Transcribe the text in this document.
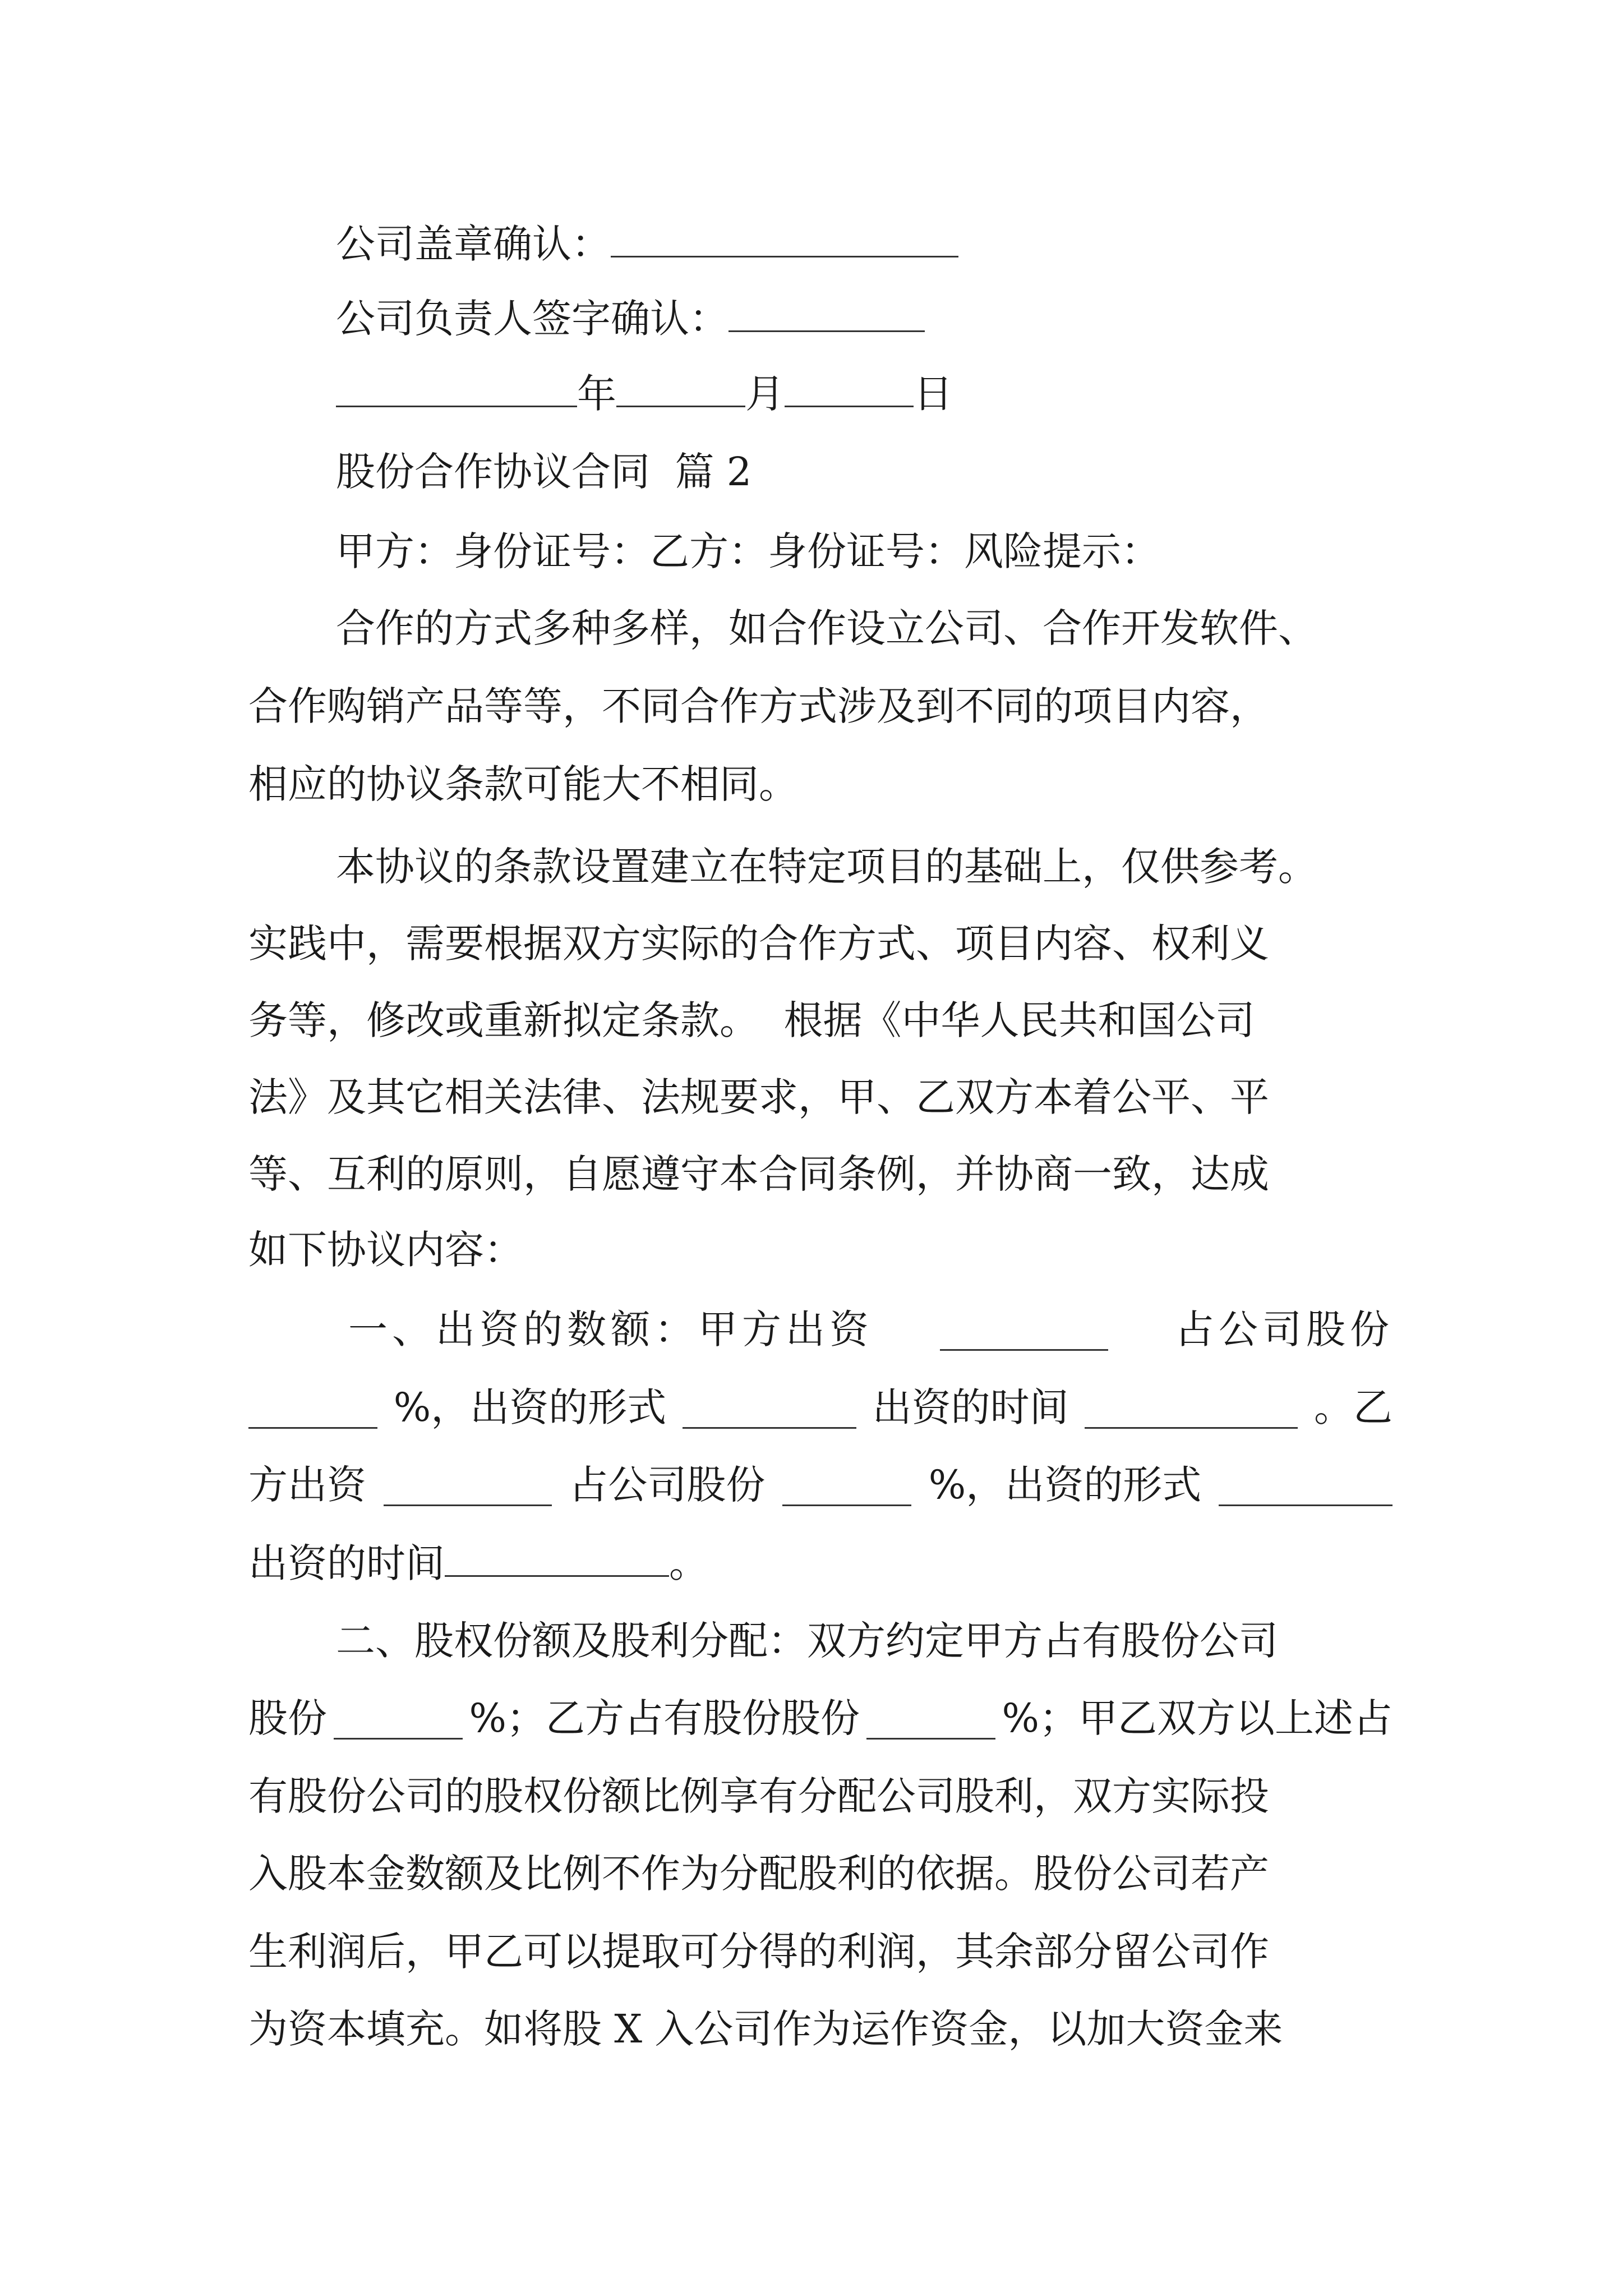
公司盖章确认：

公司负责人签字确认：

年	月	日

股份合作协议合同  篇 2

甲方：身份证号：乙方：身份证号：风险提示：

合作的方式多种多样，如合作设立公司、合作开发软件、

合作购销产品等等，不同合作方式涉及到不同的项目内容，

相应的协议条款可能大不相同。

本协议的条款设置建立在特定项目的基础上，仅供参考。

实践中，需要根据双方实际的合作方式、项目内容、权利义

务等，修改或重新拟定条款。  根据《中华人民共和国公司

法》及其它相关法律、法规要求，甲、乙双方本着公平、平

等、互利的原则，自愿遵守本合同条例，并协商一致，达成

如下协议内容：

一、出资的数额：甲方出资	占公司股份

%，出资的形式	出资的时间	。乙

方出资	占公司股份	%，出资的形式

出资的时间	。

二、股权份额及股利分配：双方约定甲方占有股份公司

股份	%；乙方占有股份股份	%；甲乙双方以上述占

有股份公司的股权份额比例享有分配公司股利，双方实际投

入股本金数额及比例不作为分配股利的依据。股份公司若产

生利润后，甲乙可以提取可分得的利润，其余部分留公司作

为资本填充。如将股 X 入公司作为运作资金，以加大资金来
